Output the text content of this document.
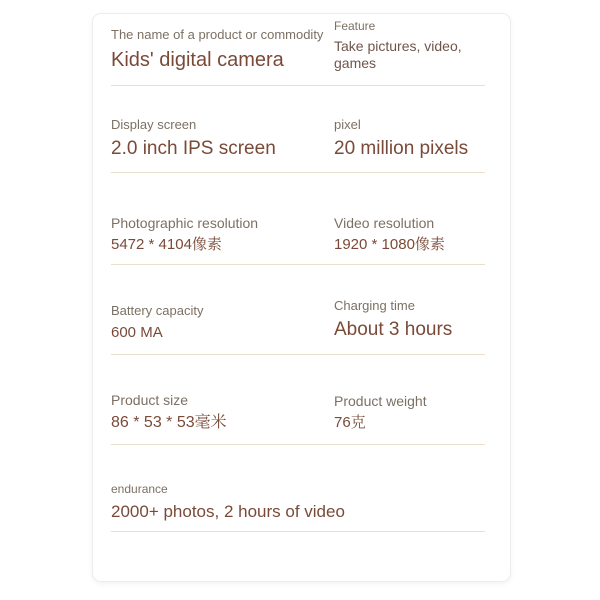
The name of a product or commodity
Kids' digital camera
Feature
Take pictures, video, games
Display screen
2.0 inch IPS screen
pixel
20 million pixels
Photographic resolution
5472 * 4104像素
Video resolution
1920 * 1080像素
Battery capacity
600 MA
Charging time
About 3 hours
Product size
86 * 53 * 53毫米
Product weight
76克
endurance
2000+ photos, 2 hours of video
